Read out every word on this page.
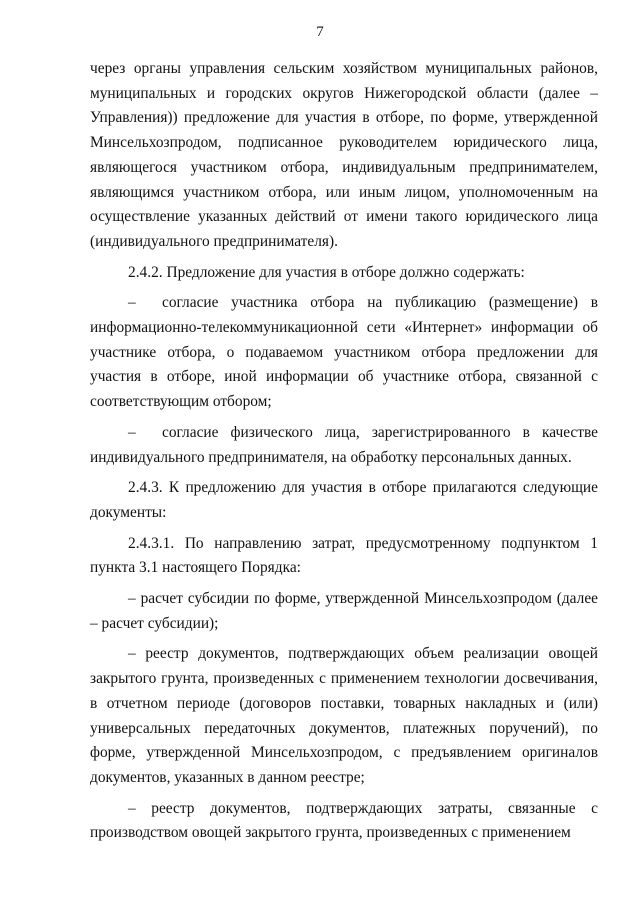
7

через органы управления сельским хозяйством муниципальных районов, муниципальных и городских округов Нижегородской области (далее – Управления)) предложение для участия в отборе, по форме, утвержденной Минсельхозпродом, подписанное руководителем юридического лица, являющегося участником отбора, индивидуальным предпринимателем, являющимся участником отбора, или иным лицом, уполномоченным на осуществление указанных действий от имени такого юридического лица (индивидуального предпринимателя).

2.4.2. Предложение для участия в отборе должно содержать:

– согласие участника отбора на публикацию (размещение) в информационно-телекоммуникационной сети «Интернет» информации об участнике отбора, о подаваемом участником отбора предложении для участия в отборе, иной информации об участнике отбора, связанной с соответствующим отбором;

– согласие физического лица, зарегистрированного в качестве индивидуального предпринимателя, на обработку персональных данных.

2.4.3. К предложению для участия в отборе прилагаются следующие документы:

2.4.3.1. По направлению затрат, предусмотренному подпунктом 1 пункта 3.1 настоящего Порядка:

– расчет субсидии по форме, утвержденной Минсельхозпродом (далее – расчет субсидии);

– реестр документов, подтверждающих объем реализации овощей закрытого грунта, произведенных с применением технологии досвечивания, в отчетном периоде (договоров поставки, товарных накладных и (или) универсальных передаточных документов, платежных поручений), по форме, утвержденной Минсельхозпродом, с предъявлением оригиналов документов, указанных в данном реестре;

– реестр документов, подтверждающих затраты, связанные с производством овощей закрытого грунта, произведенных с применением
